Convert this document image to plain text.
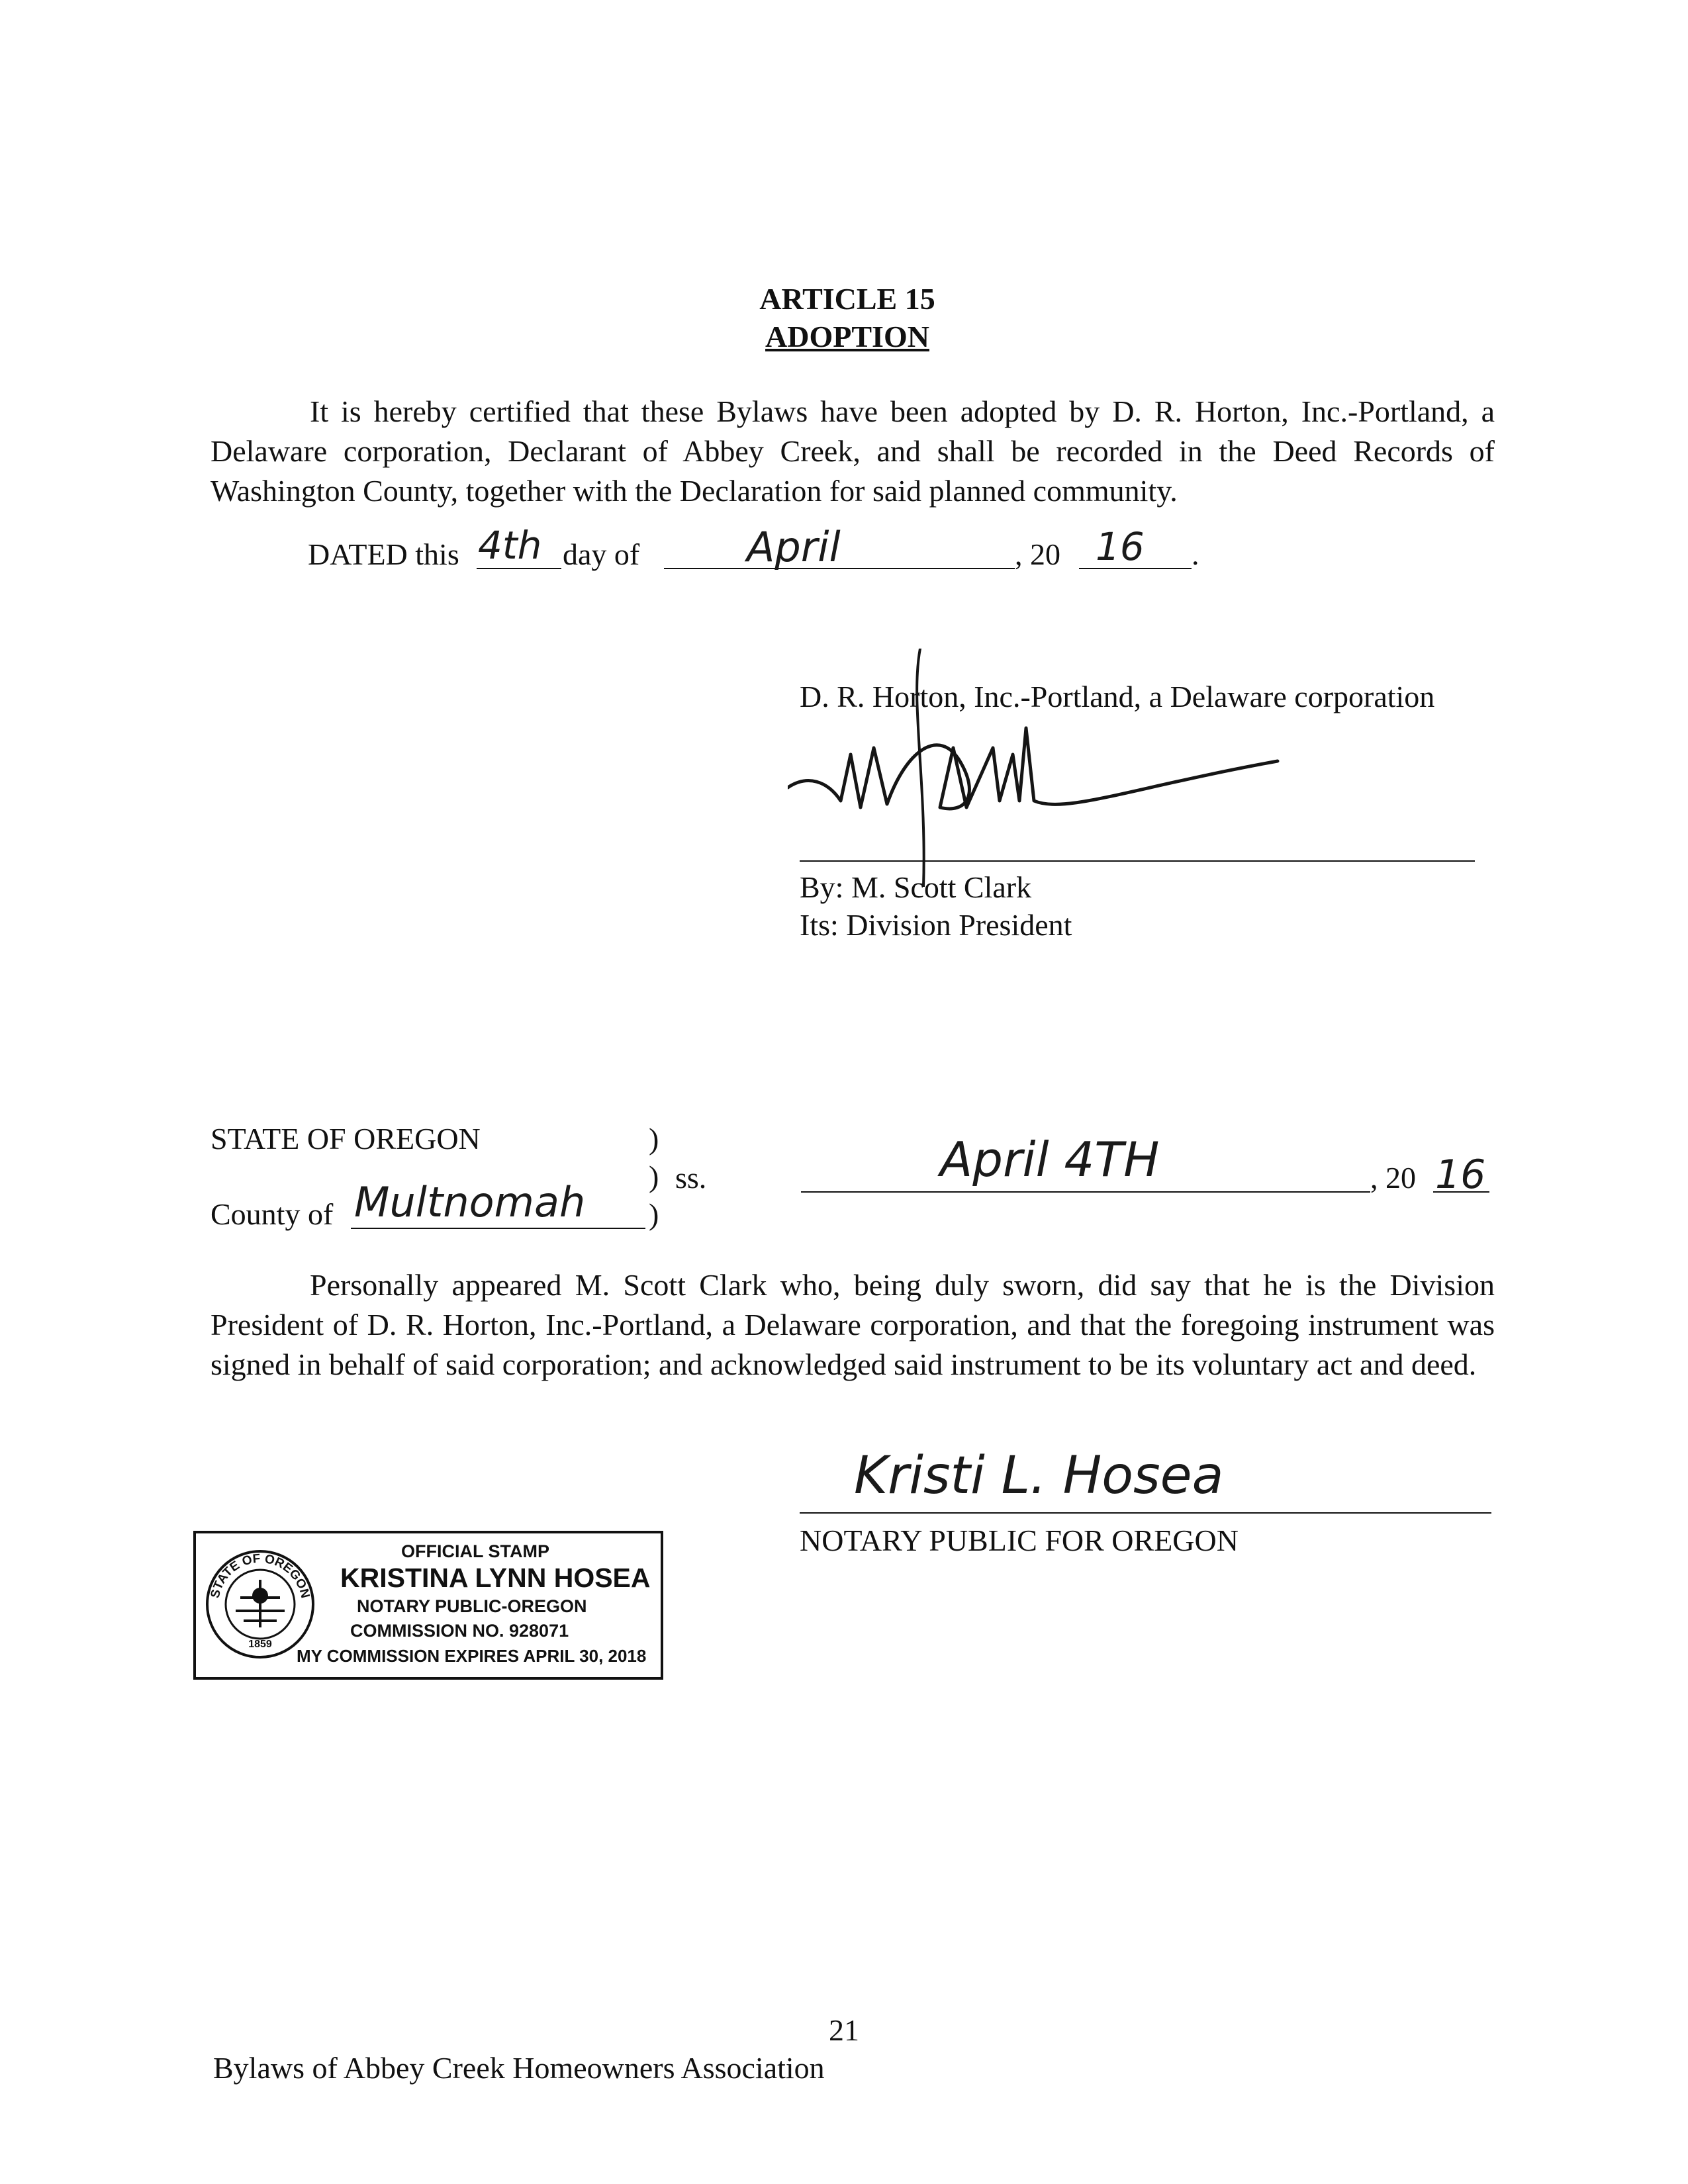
ARTICLE 15
ADOPTION
It is hereby certified that these Bylaws have been adopted by D. R. Horton, Inc.-Portland, a Delaware corporation, Declarant of Abbey Creek, and shall be recorded in the Deed Records of Washington County, together with the Declaration for said planned community.
DATED this 4th day of	April	, 20 16 .
D. R. Horton, Inc.-Portland, a Delaware corporation
By: M. Scott Clark
Its: Division President
STATE OF OREGON	)
) ss.
)
County of Multnomah
April 4TH	, 20 16
Personally appeared M. Scott Clark who, being duly sworn, did say that he is the Division President of D. R. Horton, Inc.-Portland, a Delaware corporation, and that the foregoing instrument was signed in behalf of said corporation; and acknowledged said instrument to be its voluntary act and deed.
Kristi L. Hosea
NOTARY PUBLIC FOR OREGON
STATE OF OREGON
1859
OFFICIAL STAMP
KRISTINA LYNN HOSEA
NOTARY PUBLIC-OREGON
COMMISSION NO. 928071
MY COMMISSION EXPIRES APRIL 30, 2018
21
Bylaws of Abbey Creek Homeowners Association
